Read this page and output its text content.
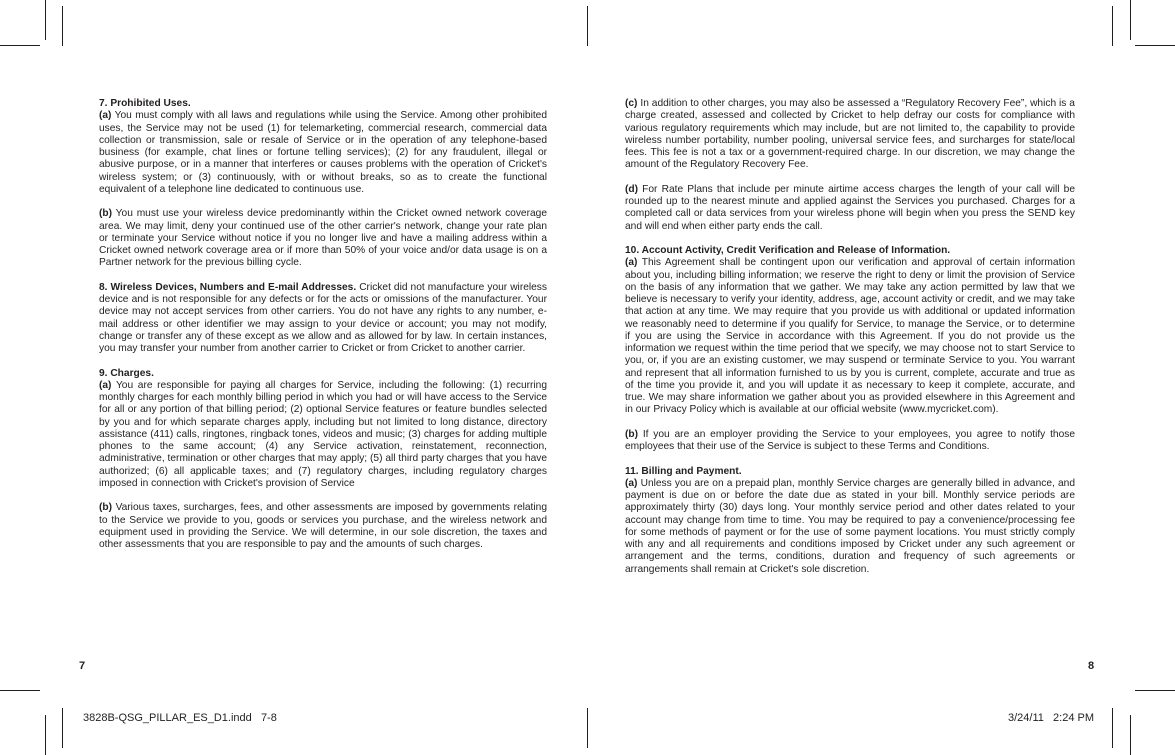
7. Prohibited Uses.

(a) You must comply with all laws and regulations while using the Service. Among other prohibited uses, the Service may not be used (1) for telemarketing, commercial research, commercial data collection or transmission, sale or resale of Service or in the operation of any telephone-based business (for example, chat lines or fortune telling services); (2) for any fraudulent, illegal or abusive purpose, or in a manner that interferes or causes problems with the operation of Cricket's wireless system; or (3) continuously, with or without breaks, so as to create the functional equivalent of a telephone line dedicated to continuous use.

(b) You must use your wireless device predominantly within the Cricket owned network coverage area. We may limit, deny your continued use of the other carrier's network, change your rate plan or terminate your Service without notice if you no longer live and have a mailing address within a Cricket owned network coverage area or if more than 50% of your voice and/or data usage is on a Partner network for the previous billing cycle.

8. Wireless Devices, Numbers and E-mail Addresses. Cricket did not manufacture your wireless device and is not responsible for any defects or for the acts or omissions of the manufacturer. Your device may not accept services from other carriers. You do not have any rights to any number, e-mail address or other identifier we may assign to your device or account; you may not modify, change or transfer any of these except as we allow and as allowed for by law. In certain instances, you may transfer your number from another carrier to Cricket or from Cricket to another carrier.

9. Charges.

(a) You are responsible for paying all charges for Service, including the following: (1) recurring monthly charges for each monthly billing period in which you had or will have access to the Service for all or any portion of that billing period; (2) optional Service features or feature bundles selected by you and for which separate charges apply, including but not limited to long distance, directory assistance (411) calls, ringtones, ringback tones, videos and music; (3) charges for adding multiple phones to the same account; (4) any Service activation, reinstatement, reconnection, administrative, termination or other charges that may apply; (5) all third party charges that you have authorized; (6) all applicable taxes; and (7) regulatory charges, including regulatory charges imposed in connection with Cricket's provision of Service

(b) Various taxes, surcharges, fees, and other assessments are imposed by governments relating to the Service we provide to you, goods or services you purchase, and the wireless network and equipment used in providing the Service. We will determine, in our sole discretion, the taxes and other assessments that you are responsible to pay and the amounts of such charges.

(c) In addition to other charges, you may also be assessed a “Regulatory Recovery Fee”, which is a charge created, assessed and collected by Cricket to help defray our costs for compliance with various regulatory requirements which may include, but are not limited to, the capability to provide wireless number portability, number pooling, universal service fees, and surcharges for state/local fees. This fee is not a tax or a government-required charge. In our discretion, we may change the amount of the Regulatory Recovery Fee.

(d) For Rate Plans that include per minute airtime access charges the length of your call will be rounded up to the nearest minute and applied against the Services you purchased. Charges for a completed call or data services from your wireless phone will begin when you press the SEND key and will end when either party ends the call.

10. Account Activity, Credit Verification and Release of Information.

(a) This Agreement shall be contingent upon our verification and approval of certain information about you, including billing information; we reserve the right to deny or limit the provision of Service on the basis of any information that we gather. We may take any action permitted by law that we believe is necessary to verify your identity, address, age, account activity or credit, and we may take that action at any time. We may require that you provide us with additional or updated information we reasonably need to determine if you qualify for Service, to manage the Service, or to determine if you are using the Service in accordance with this Agreement. If you do not provide us the information we request within the time period that we specify, we may choose not to start Service to you, or, if you are an existing customer, we may suspend or terminate Service to you. You warrant and represent that all information furnished to us by you is current, complete, accurate and true as of the time you provide it, and you will update it as necessary to keep it complete, accurate, and true. We may share information we gather about you as provided elsewhere in this Agreement and in our Privacy Policy which is available at our official website (www.mycricket.com).

(b) If you are an employer providing the Service to your employees, you agree to notify those employees that their use of the Service is subject to these Terms and Conditions.

11. Billing and Payment.

(a) Unless you are on a prepaid plan, monthly Service charges are generally billed in advance, and payment is due on or before the date due as stated in your bill. Monthly service periods are approximately thirty (30) days long. Your monthly service period and other dates related to your account may change from time to time. You may be required to pay a convenience/processing fee for some methods of payment or for the use of some payment locations. You must strictly comply with any and all requirements and conditions imposed by Cricket under any such agreement or arrangement and the terms, conditions, duration and frequency of such agreements or arrangements shall remain at Cricket's sole discretion.

7	8
3828B-QSG_PILLAR_ES_D1.indd   7-8	3/24/11   2:24 PM
